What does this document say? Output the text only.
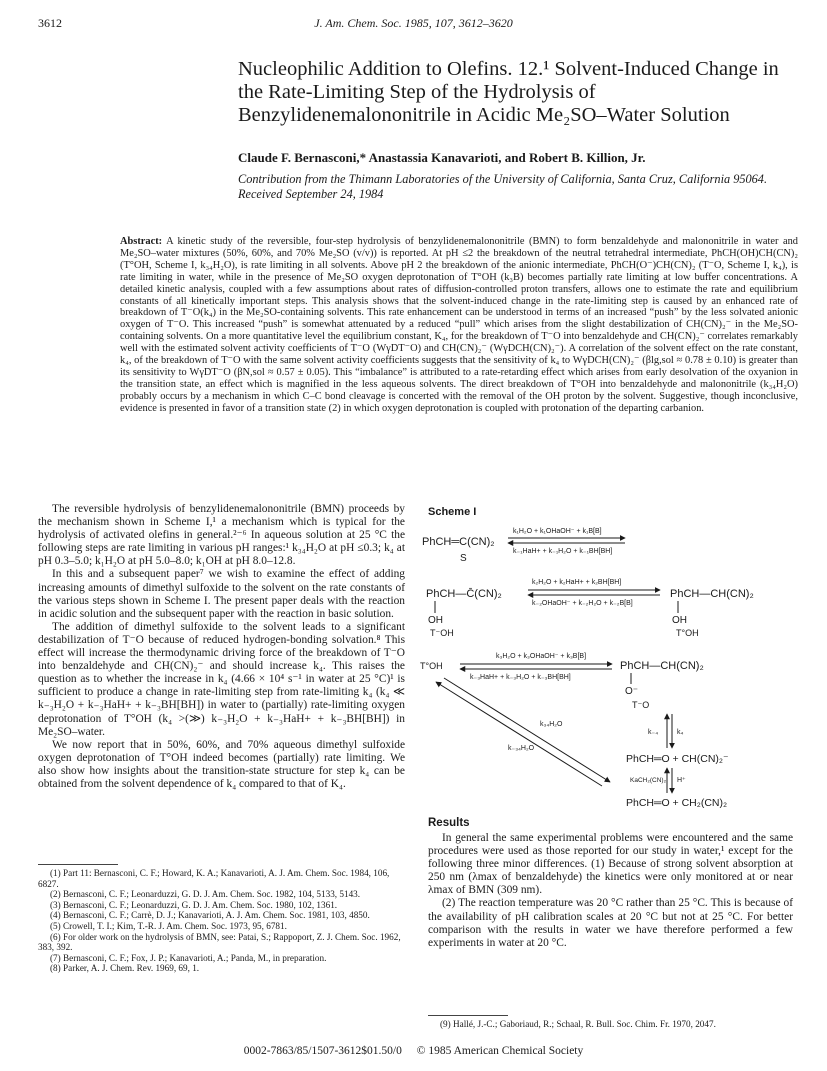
3612	J. Am. Chem. Soc. 1985, 107, 3612–3620
Nucleophilic Addition to Olefins. 12.¹ Solvent-Induced Change in the Rate-Limiting Step of the Hydrolysis of Benzylidenemalononitrile in Acidic Me₂SO–Water Solution
Claude F. Bernasconi,* Anastassia Kanavarioti, and Robert B. Killion, Jr.
Contribution from the Thimann Laboratories of the University of California, Santa Cruz, California 95064. Received September 24, 1984
Abstract: A kinetic study of the reversible, four-step hydrolysis of benzylidenemalononitrile (BMN) to form benzaldehyde and malononitrile in water and Me₂SO–water mixtures (50%, 60%, and 70% Me₂SO (v/v)) is reported. At pH ≤2 the breakdown of the neutral tetrahedral intermediate, PhCH(OH)CH(CN)₂ (T°OH, Scheme I, k₃₄H₂O), is rate limiting in all solvents. Above pH 2 the breakdown of the anionic intermediate, PhCH(O⁻)CH(CN)₂ (T⁻O, Scheme I, k₄), is rate limiting in water, while in the presence of Me₂SO oxygen deprotonation of T°OH (k₃B) becomes partially rate limiting at low buffer concentrations. A detailed kinetic analysis, coupled with a few assumptions about rates of diffusion-controlled proton transfers, allows one to estimate the rate and equilibrium constants of all kinetically important steps. This analysis shows that the solvent-induced change in the rate-limiting step is caused by an enhanced rate of breakdown of T⁻O(k₄) in the Me₂SO-containing solvents. This rate enhancement can be understood in terms of an increased “push” by the less solvated anionic oxygen of T⁻O. This increased “push” is somewhat attenuated by a reduced “pull” which arises from the slight destabilization of CH(CN)₂⁻ in the Me₂SO-containing solvents. On a more quantitative level the equilibrium constant, K₄, for the breakdown of T⁻O into benzaldehyde and CH(CN)₂⁻ correlates remarkably well with the estimated solvent activity coefficients of T⁻O (WγDT⁻O) and CH(CN)₂⁻ (WγDCH(CN)₂⁻). A correlation of the solvent effect on the rate constant, k₄, of the breakdown of T⁻O with the same solvent activity coefficients suggests that the sensitivity of k₄ to WγDCH(CN)₂⁻ (βlg,sol ≈ 0.78 ± 0.10) is greater than its sensitivity to WγDT⁻O (βN,sol ≈ 0.57 ± 0.05). This “imbalance” is attributed to a rate-retarding effect which arises from early desolvation of the oxyanion in the transition state, an effect which is magnified in the less aqueous solvents. The direct breakdown of T°OH into benzaldehyde and malononitrile (k₃₄H₂O) probably occurs by a mechanism in which C–C bond cleavage is concerted with the removal of the OH proton by the solvent. Suggestive, though inconclusive, evidence is presented in favor of a transition state (2) in which oxygen deprotonation is coupled with protonation of the departing carbanion.

The reversible hydrolysis of benzylidenemalononitrile (BMN) proceeds by the mechanism shown in Scheme I,¹ a mechanism which is typical for the hydrolysis of activated olefins in general.²⁻⁶ In aqueous solution at 25 °C the following steps are rate limiting in various pH ranges:¹ k₃₄H₂O at pH ≤0.3; k₄ at pH 0.3–5.0; k₁H₂O at pH 5.0–8.0; k₁OH at pH 8.0–12.8.

In this and a subsequent paper⁷ we wish to examine the effect of adding increasing amounts of dimethyl sulfoxide to the solvent on the rate constants of the various steps shown in Scheme I. The present paper deals with the reaction in acidic solution and the subsequent paper with the reaction in basic solution.

The addition of dimethyl sulfoxide to the solvent leads to a significant destabilization of T⁻O because of reduced hydrogen-bonding solvation.⁸ This effect will increase the thermodynamic driving force of the breakdown of T⁻O into benzaldehyde and CH(CN)₂⁻ and should increase k₄. This raises the question as to whether the increase in k₄ (4.66 × 10⁴ s⁻¹ in water at 25 °C)¹ is sufficient to produce a change in rate-limiting step from rate-limiting k₄ (k₄ ≪ k₋₃H₂O + k₋₃HaH+ + k₋₃BH[BH]) in water to (partially) rate-limiting oxygen deprotonation of T°OH (k₄ >(≫) k₋₃H₂O + k₋₃HaH+ + k₋₃BH[BH]) in Me₂SO–water.

We now report that in 50%, 60%, and 70% aqueous dimethyl sulfoxide oxygen deprotonation of T°OH indeed becomes (partially) rate limiting. We also show how insights about the transition-state structure for step k₄ can be obtained from the solvent dependence of k₄ compared to that of K₄.

(1) Part 11: Bernasconi, C. F.; Howard, K. A.; Kanavarioti, A. J. Am. Chem. Soc. 1984, 106, 6827.
(2) Bernasconi, C. F.; Leonarduzzi, G. D. J. Am. Chem. Soc. 1982, 104, 5133, 5143.
(3) Bernasconi, C. F.; Leonarduzzi, G. D. J. Am. Chem. Soc. 1980, 102, 1361.
(4) Bernasconi, C. F.; Carrè, D. J.; Kanavarioti, A. J. Am. Chem. Soc. 1981, 103, 4850.
(5) Crowell, T. I.; Kim, T.-R. J. Am. Chem. Soc. 1973, 95, 6781.
(6) For older work on the hydrolysis of BMN, see: Patai, S.; Rappoport, Z. J. Chem. Soc. 1962, 383, 392.
(7) Bernasconi, C. F.; Fox, J. P.; Kanavarioti, A.; Panda, M., in preparation.
(8) Parker, A. J. Chem. Rev. 1969, 69, 1.
Scheme I
PhCH═C(CN)₂
S
k₁H₂O + k₁OHaOH⁻ + k₁B[B]
k₋₁HaH+ + k₋₁H₂O + k₋₁BH[BH]
PhCH—C̄(CN)₂
OH
T⁻OH
k₂H₂O + k₂HaH+ + k₂BH[BH]
k₋₂OHaOH⁻ + k₋₂H₂O + k₋₂B[B]
PhCH—CH(CN)₂
OH
T°OH
T°OH
k₃H₂O + k₃OHaOH⁻ + k₃B[B]
k₋₃HaH+ + k₋₃H₂O + k₋₃BH[BH]
PhCH—CH(CN)₂
O⁻
T⁻O
k₃₄H₂O
k₋₃₄H₂O
k₄
k₋₄
PhCH═O + CH(CN)₂⁻
KaCH₂(CN)₂ H⁺
PhCH═O + CH₂(CN)₂
Results

In general the same experimental problems were encountered and the same procedures were used as those reported for our study in water,¹ except for the following three minor differences. (1) Because of strong solvent absorption at 250 nm (λmax of benzaldehyde) the kinetics were only monitored at or near λmax of BMN (309 nm).

(2) The reaction temperature was 20 °C rather than 25 °C. This is because of the availability of pH calibration scales at 20 °C but not at 25 °C. For better comparison with the results in water we have therefore performed a few experiments in water at 20 °C.

(9) Hallé, J.-C.; Gaboriaud, R.; Schaal, R. Bull. Soc. Chim. Fr. 1970, 2047.
0002-7863/85/1507-3612$01.50/0 © 1985 American Chemical Society
